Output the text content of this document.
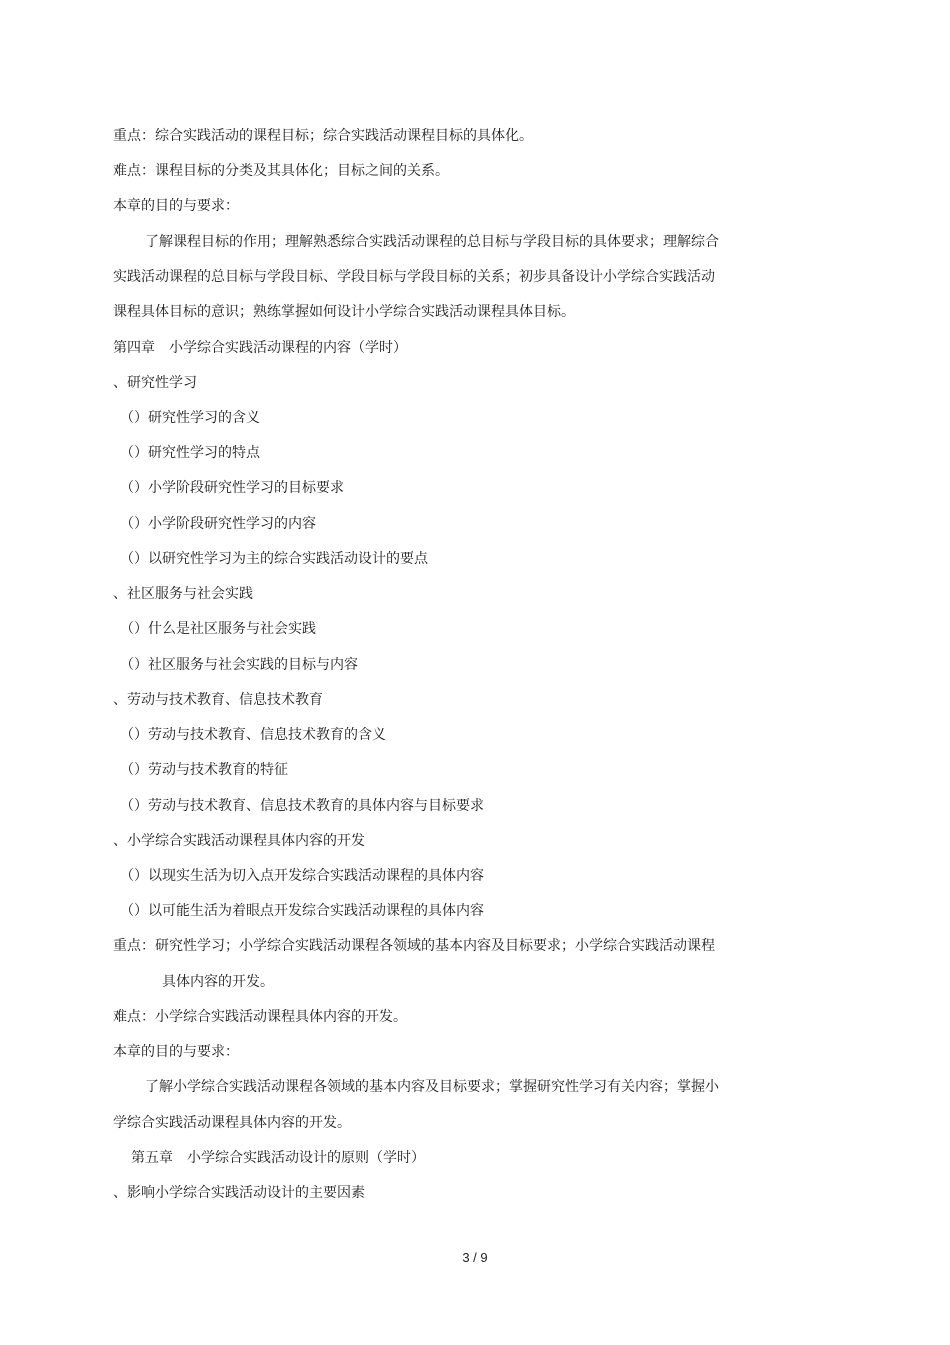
重点：综合实践活动的课程目标；综合实践活动课程目标的具体化。
难点：课程目标的分类及其具体化；目标之间的关系。
本章的目的与要求：
了解课程目标的作用；理解熟悉综合实践活动课程的总目标与学段目标的具体要求；理解综合
实践活动课程的总目标与学段目标、学段目标与学段目标的关系；初步具备设计小学综合实践活动
课程具体目标的意识；熟练掌握如何设计小学综合实践活动课程具体目标。
第四章　小学综合实践活动课程的内容（学时）
、研究性学习
（）研究性学习的含义
（）研究性学习的特点
（）小学阶段研究性学习的目标要求
（）小学阶段研究性学习的内容
（）以研究性学习为主的综合实践活动设计的要点
、社区服务与社会实践
（）什么是社区服务与社会实践
（）社区服务与社会实践的目标与内容
、劳动与技术教育、信息技术教育
（）劳动与技术教育、信息技术教育的含义
（）劳动与技术教育的特征
（）劳动与技术教育、信息技术教育的具体内容与目标要求
、小学综合实践活动课程具体内容的开发
（）以现实生活为切入点开发综合实践活动课程的具体内容
（）以可能生活为着眼点开发综合实践活动课程的具体内容
重点：研究性学习；小学综合实践活动课程各领域的基本内容及目标要求；小学综合实践活动课程
具体内容的开发。
难点：小学综合实践活动课程具体内容的开发。
本章的目的与要求：
了解小学综合实践活动课程各领域的基本内容及目标要求；掌握研究性学习有关内容；掌握小
学综合实践活动课程具体内容的开发。
第五章　小学综合实践活动设计的原则（学时）
、影响小学综合实践活动设计的主要因素
3 / 9
